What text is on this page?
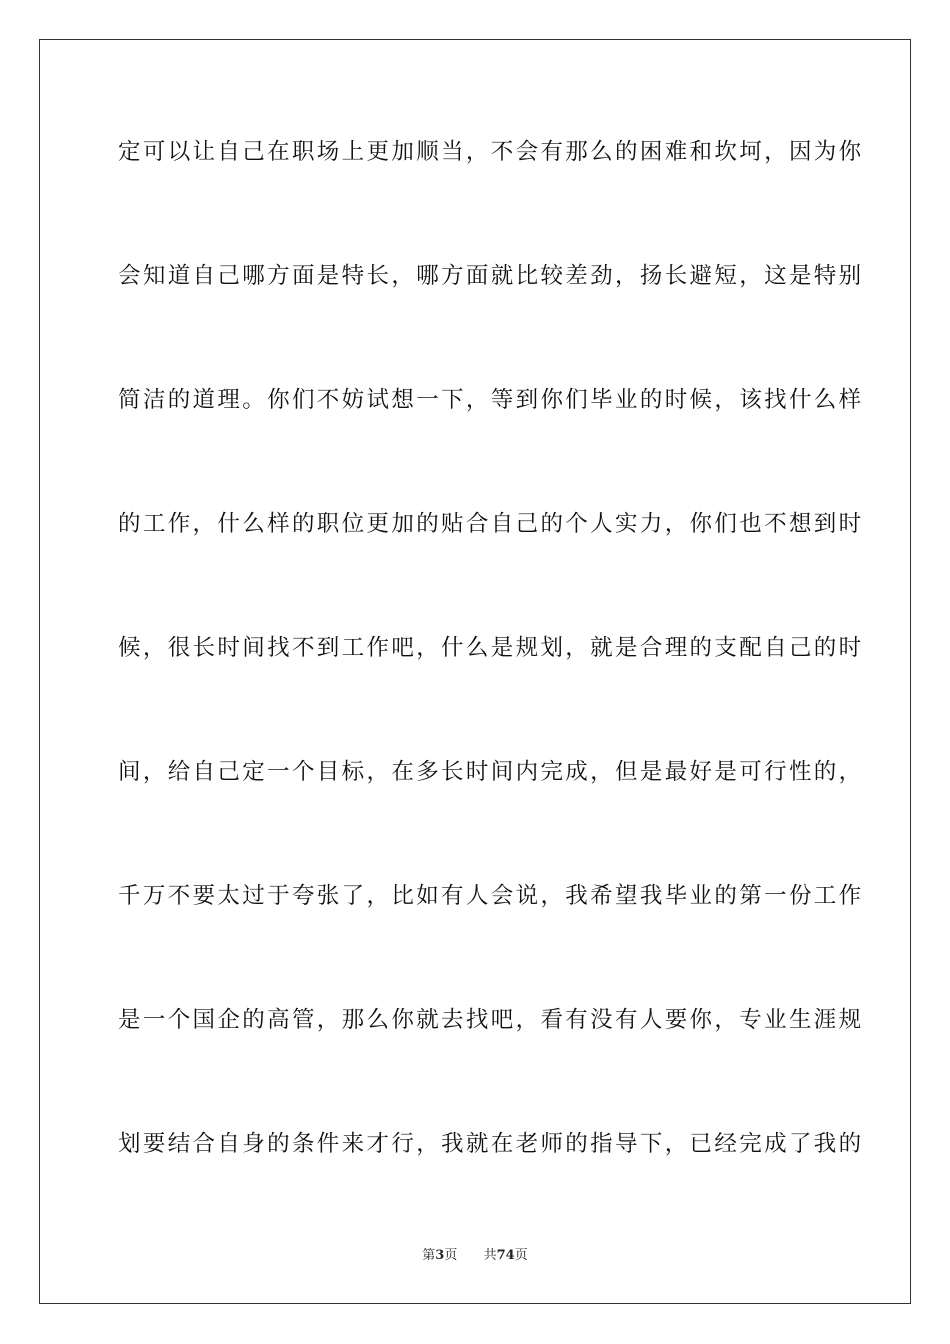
定可以让自己在职场上更加顺当，不会有那么的困难和坎坷，因为你
会知道自己哪方面是特长，哪方面就比较差劲，扬长避短，这是特别
简洁的道理。你们不妨试想一下，等到你们毕业的时候，该找什么样
的工作，什么样的职位更加的贴合自己的个人实力，你们也不想到时
候，很长时间找不到工作吧，什么是规划，就是合理的支配自己的时
间，给自己定一个目标，在多长时间内完成，但是最好是可行性的，
千万不要太过于夸张了，比如有人会说，我希望我毕业的第一份工作
是一个国企的高管，那么你就去找吧，看有没有人要你，专业生涯规
划要结合自身的条件来才行，我就在老师的指导下，已经完成了我的
第3页 共74页
